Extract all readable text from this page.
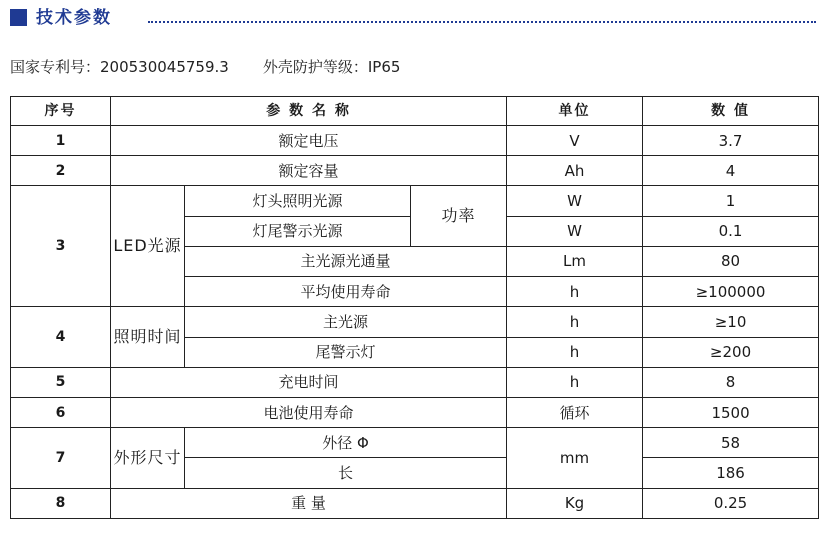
技术参数
国家专利号：200530045759.3 外壳防护等级：IP65
序号	参 数 名 称			单位	数 值
1	额定电压			V	3.7
2	额定容量			Ah	4
3	LED光源	灯头照明光源	功率	W	1
		灯尾警示光源		W	0.1
		主光源光通量		Lm	80
		平均使用寿命		h	≥100000
4	照明时间	主光源		h	≥10
		尾警示灯		h	≥200
5	充电时间			h	8
6	电池使用寿命			循环	1500
7	外形尺寸	外径 Φ		mm	58
		长			186
8	重 量			Kg	0.25
